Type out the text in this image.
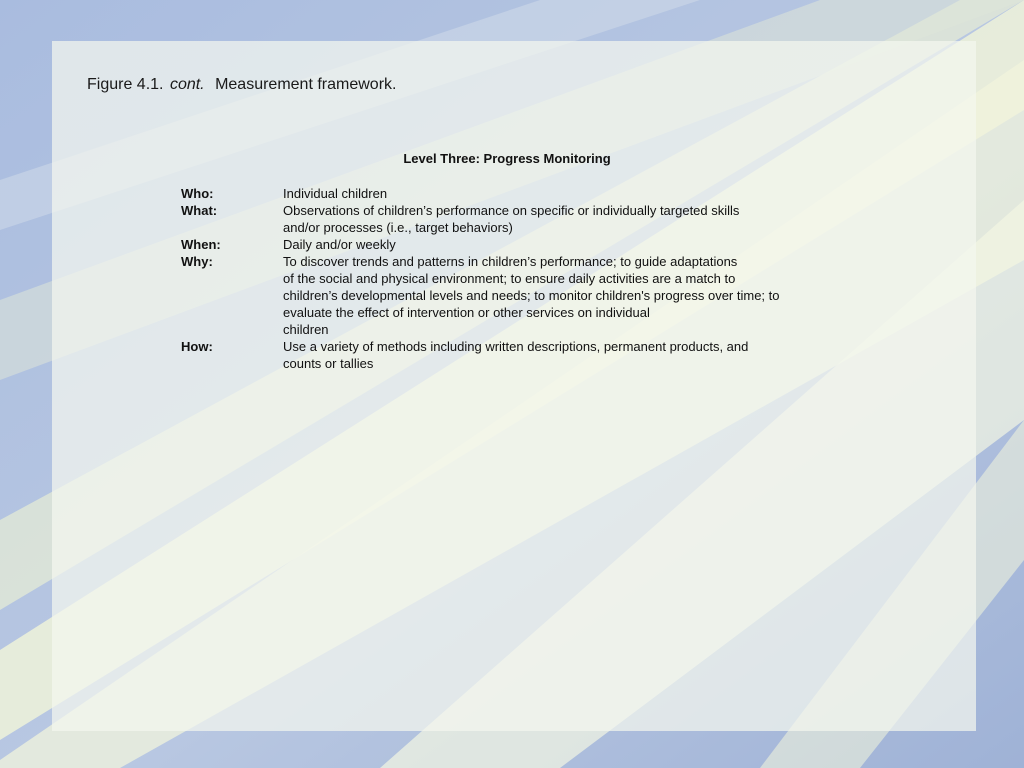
Figure 4.1. cont. Measurement framework.
Level Three: Progress Monitoring
Who:	Individual children
What:	Observations of children’s performance on specific or individually targeted skills
and/or processes (i.e., target behaviors)
When:	Daily and/or weekly
Why:	To discover trends and patterns in children’s performance; to guide adaptations
of the social and physical environment; to ensure daily activities are a match to
children’s developmental levels and needs; to monitor children's progress over time; to
evaluate the effect of intervention or other services on individual
children
How:	Use a variety of methods including written descriptions, permanent products, and
counts or tallies
